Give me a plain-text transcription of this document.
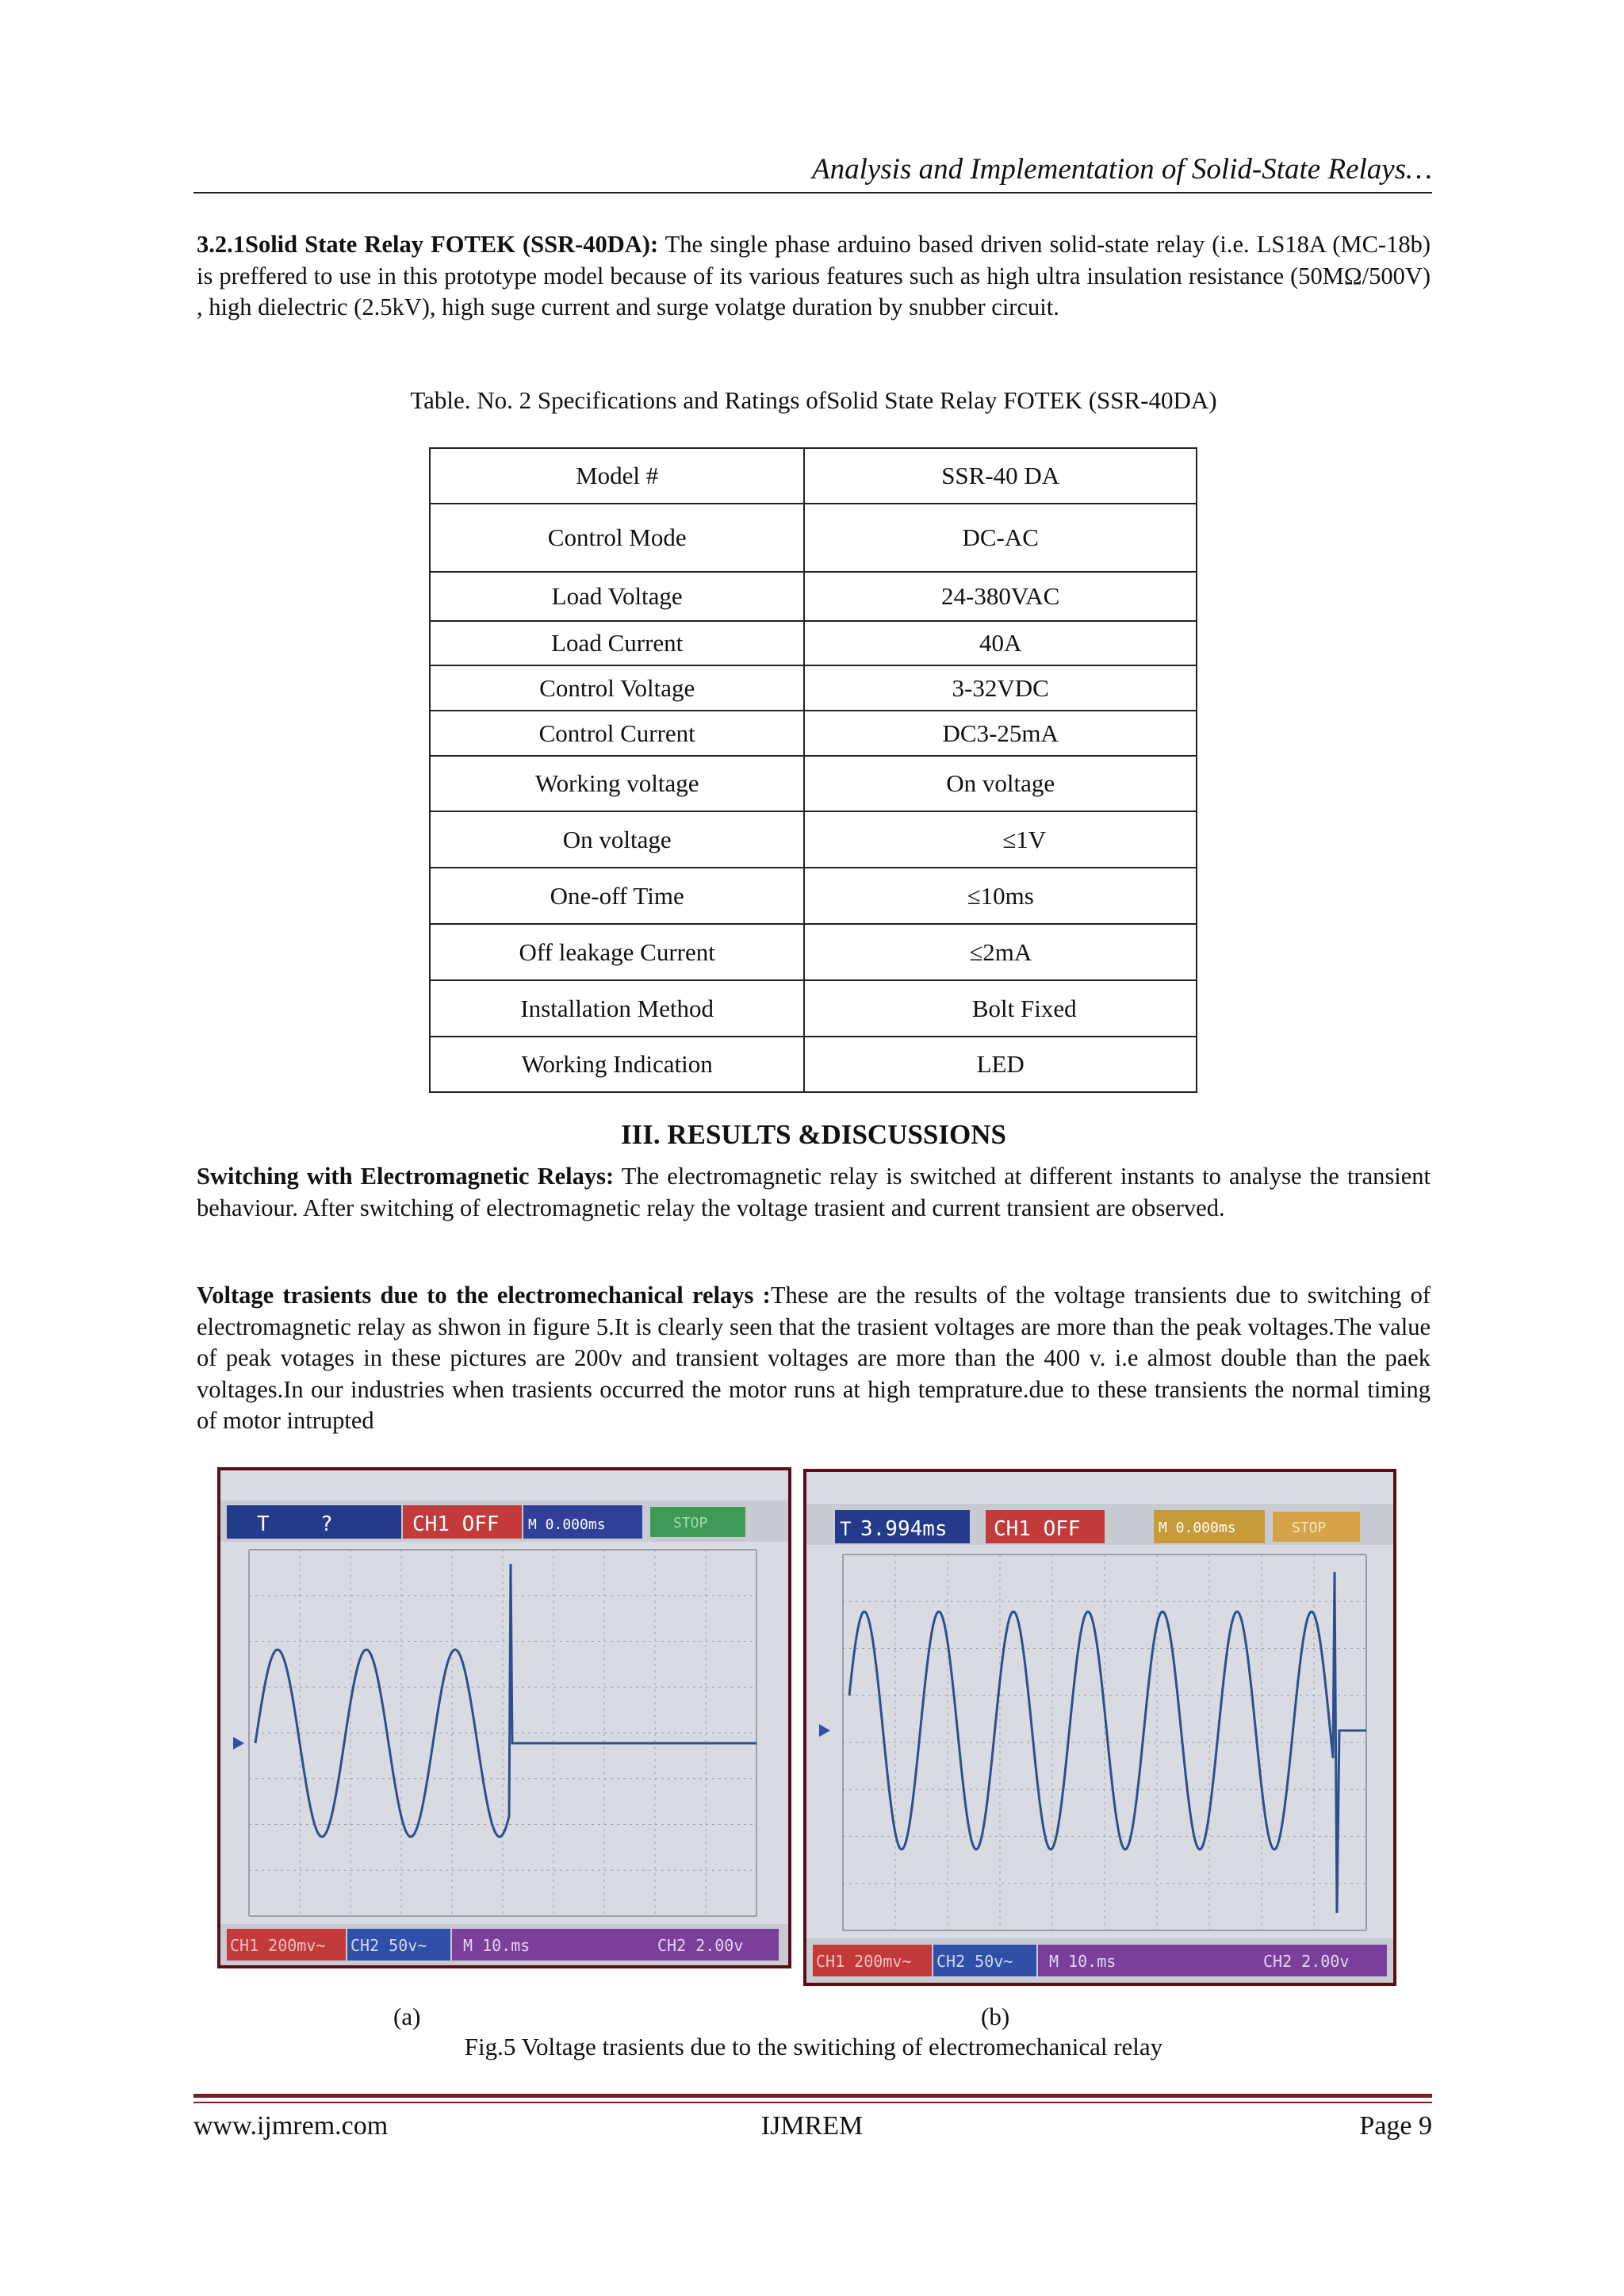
Analysis and Implementation of Solid-State Relays…
3.2.1Solid State Relay FOTEK (SSR-40DA): The single phase arduino based driven solid-state relay (i.e. LS18A (MC-18b) is preffered to use in this prototype model because of its various features such as high ultra insulation resistance (50MΩ/500V) , high dielectric (2.5kV), high suge current and surge volatge duration by snubber circuit.
Table. No. 2 Specifications and Ratings ofSolid State Relay FOTEK (SSR-40DA)
Model #	SSR-40 DA
Control Mode	DC-AC
Load Voltage	24-380VAC
Load Current	40A
Control Voltage	3-32VDC
Control Current	DC3-25mA
Working voltage	On voltage
On voltage	≤1V
One-off Time	≤10ms
Off leakage Current	≤2mA
Installation Method	Bolt Fixed
Working Indication	LED
III. RESULTS &DISCUSSIONS
Switching with Electromagnetic Relays: The electromagnetic relay is switched at different instants to analyse the transient behaviour. After switching of electromagnetic relay the voltage trasient and current transient are observed.
Voltage trasients due to the electromechanical relays :These are the results of the voltage transients due to switching of electromagnetic relay as shwon in figure 5.It is clearly seen that the trasient voltages are more than the peak voltages.The value of peak votages in these pictures are 200v and transient voltages are more than the 400 v. i.e almost double than the paek voltages.In our industries when trasients occurred the motor runs at high temprature.due to these transients the normal timing of motor intrupted
T ?	CH1 OFF M 0.000ms	STOP
CH1 200mv~ CH2 50v~ M 10.ms	CH2 2.00v
T 3.994ms CH1 OFF	M 0.000ms	STOP
CH1 200mv~ CH2 50v~ M 10.ms	CH2 2.00v
(a)	(b)
Fig.5 Voltage trasients due to the switiching of electromechanical relay
www.ijmrem.com	IJMREM	Page 9
